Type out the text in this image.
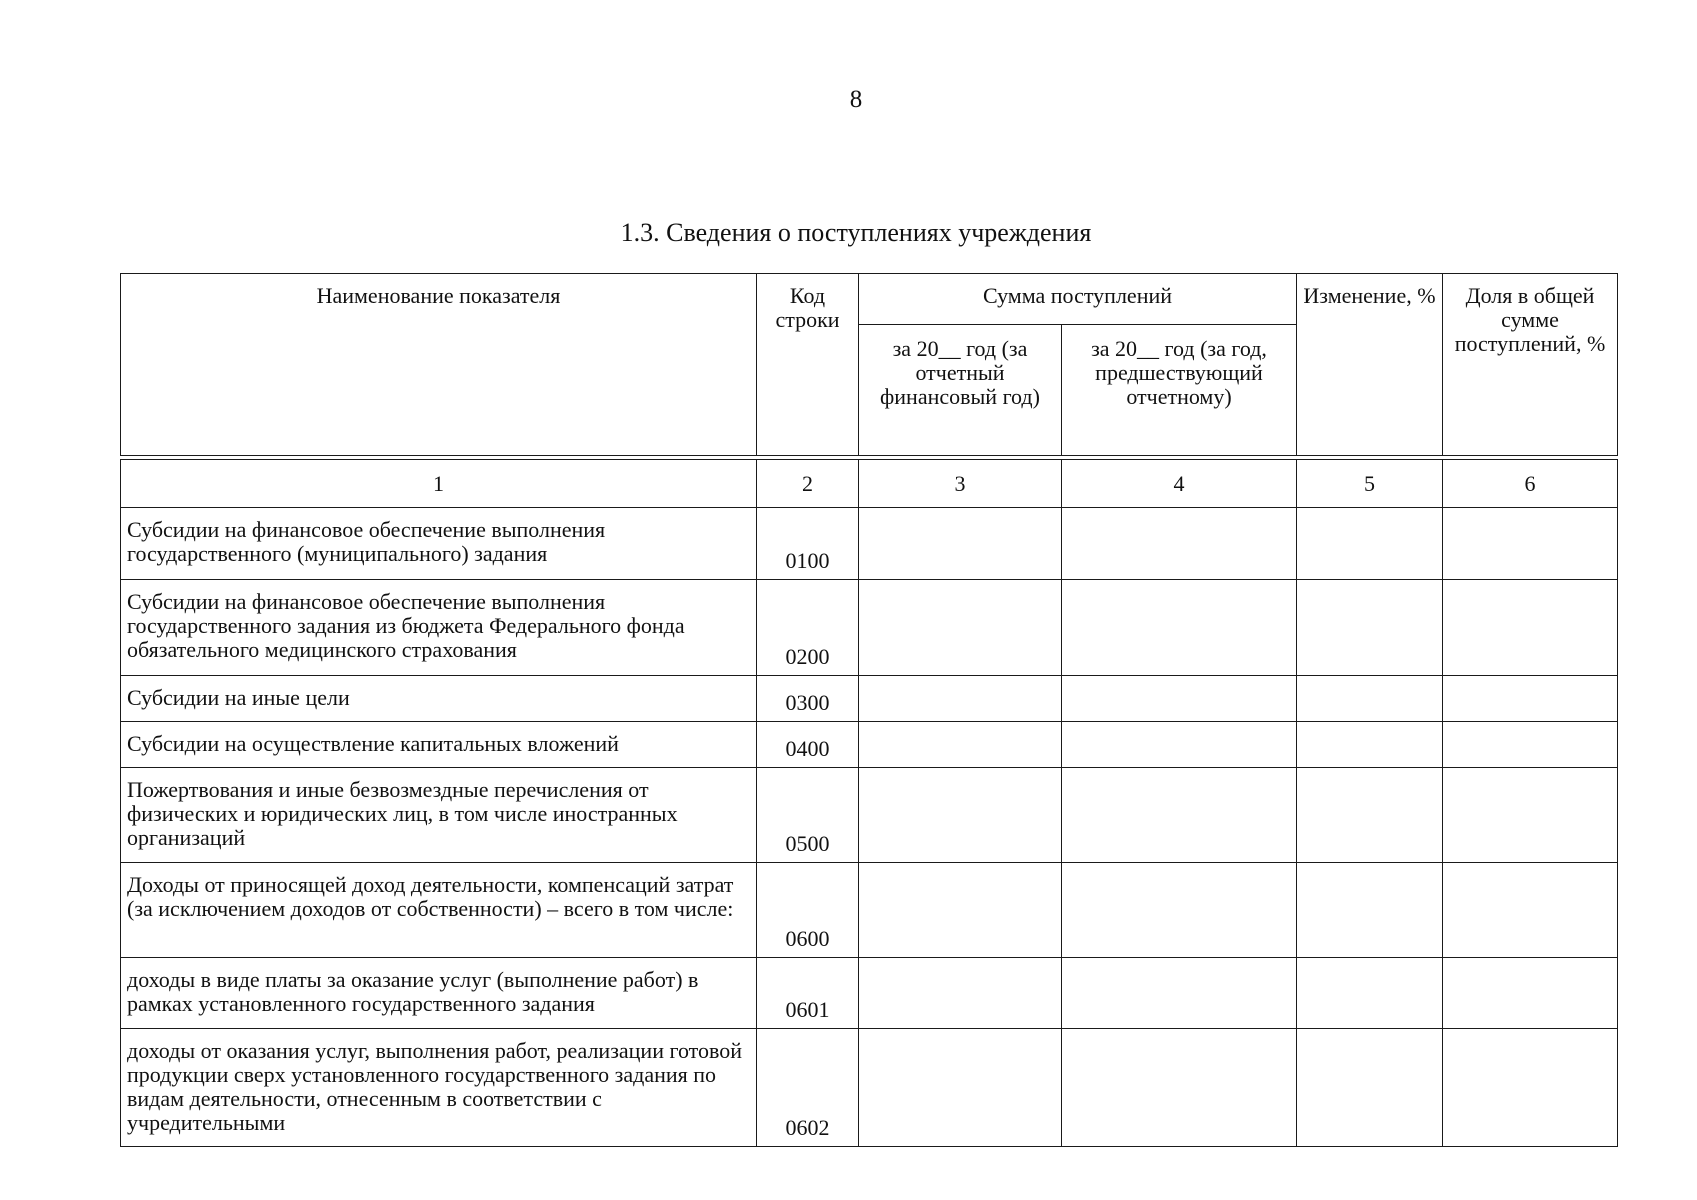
8
1.3. Сведения о поступлениях учреждения
Наименование показателя	Код строки	Сумма поступлений		Изменение, %	Доля в общей сумме поступлений, %
		за 20__ год (за отчетный финансовый год)	за 20__ год (за год, предшествующий отчетному)		
1	2	3	4	5	6
Субсидии на финансовое обеспечение выполнения государственного (муниципального) задания	0100				
Субсидии на финансовое обеспечение выполнения государственного задания из бюджета Федерального фонда обязательного медицинского страхования	0200				
Субсидии на иные цели	0300				
Субсидии на осуществление капитальных вложений	0400				
Пожертвования и иные безвозмездные перечисления от физических и юридических лиц, в том числе иностранных организаций	0500				
Доходы от приносящей доход деятельности, компенсаций затрат (за исключением доходов от собственности) – всего в том числе:	0600				
доходы в виде платы за оказание услуг (выполнение работ) в рамках установленного государственного задания	0601				
доходы от оказания услуг, выполнения работ, реализации готовой продукции сверх установленного государственного задания по видам деятельности, отнесенным в соответствии с учредительными	0602				
